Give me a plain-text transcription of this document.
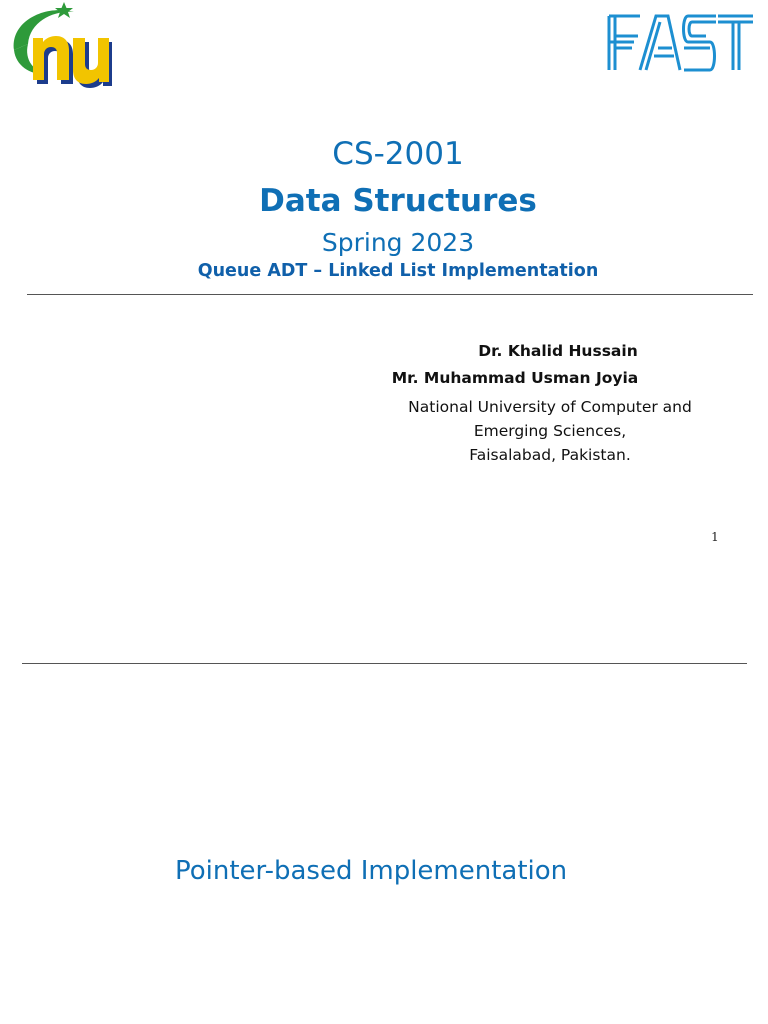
CS-2001
Data Structures
Spring 2023
Queue ADT – Linked List Implementation
Dr. Khalid Hussain
Mr. Muhammad Usman Joyia
National University of Computer and
Emerging Sciences,
Faisalabad, Pakistan.
1
Pointer-based Implementation
